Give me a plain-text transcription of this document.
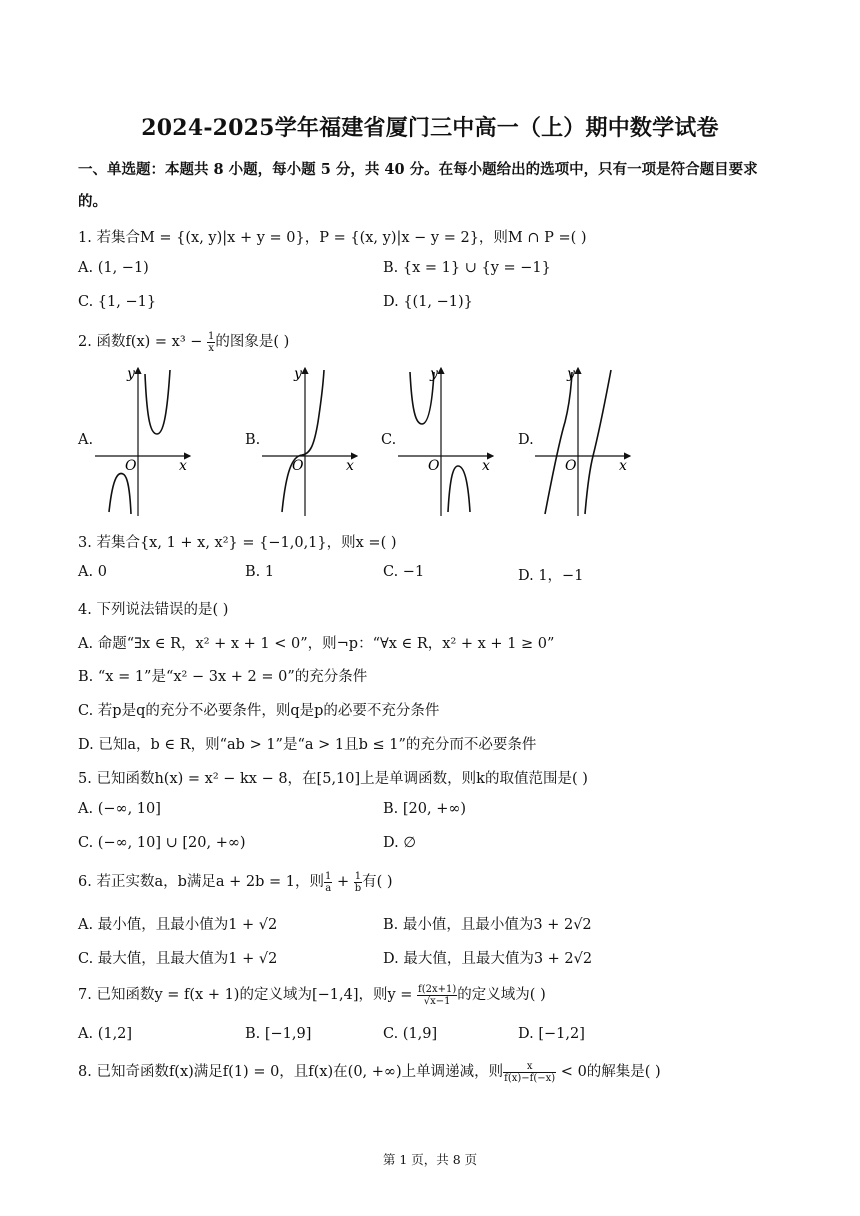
2024-2025学年福建省厦门三中高一（上）期中数学试卷
一、单选题：本题共 8 小题，每小题 5 分，共 40 分。在每小题给出的选项中，只有一项是符合题目要求
的。
1. 若集合M = {(x, y)|x + y = 0}，P = {(x, y)|x − y = 2}，则M ∩ P =( )
A. (1, −1)	B. {x = 1} ∪ {y = −1}
C. {1, −1}	D. {(1, −1)}
2. 函数$f(x) = x^3 - \frac{1}{x}$ 的图象是( )
A.	B.	C.	D.
O	x
y
O	x
y
O	x
y
O	x
y
3. 若集合{x, 1 + x, x²} = {−1,0,1}，则x =( )
A. 0	B. 1	C. −1	D. 1，−1
4. 下列说法错误的是( )
A. 命题“∃x ∈ R，x² + x + 1 < 0”，则¬p：“∀x ∈ R，x² + x + 1 ≥ 0”
B. “x = 1”是“x² − 3x + 2 = 0”的充分条件
C. 若p是q的充分不必要条件，则q是p的必要不充分条件
D. 已知a，b ∈ R，则“ab > 1”是“a > 1且b ≤ 1”的充分而不必要条件
5. 已知函数h(x) = x² − kx − 8，在[5,10]上是单调函数，则k的取值范围是( )
A. (−∞, 10]	B. [20, +∞)
C. (−∞, 10] ∪ [20, +∞)	D. ∅
6. 若正实数a，b满足a + 2b = 1，则 $\frac{1}{a} + \frac{1}{b}$ 有( )
A. 最小值，且最小值为1 + √2	B. 最小值，且最小值为3 + 2√2
C. 最大值，且最大值为1 + √2	D. 最大值，且最大值为3 + 2√2
7. 已知函数y = f(x + 1)的定义域为[−1,4]，则$y = \frac{f(2x+1)}{√x-1}$ 的定义域为( )
A. (1,2]	B. [−1,9]	C. (1,9]	D. [−1,2]
8. 已知奇函数f(x)满足f(1) = 0，且f(x)在(0, +∞)上单调递减，则 $\frac{x}{f(x)-f(-x)} < 0$的解集是( )
第 1 页，共 8 页
